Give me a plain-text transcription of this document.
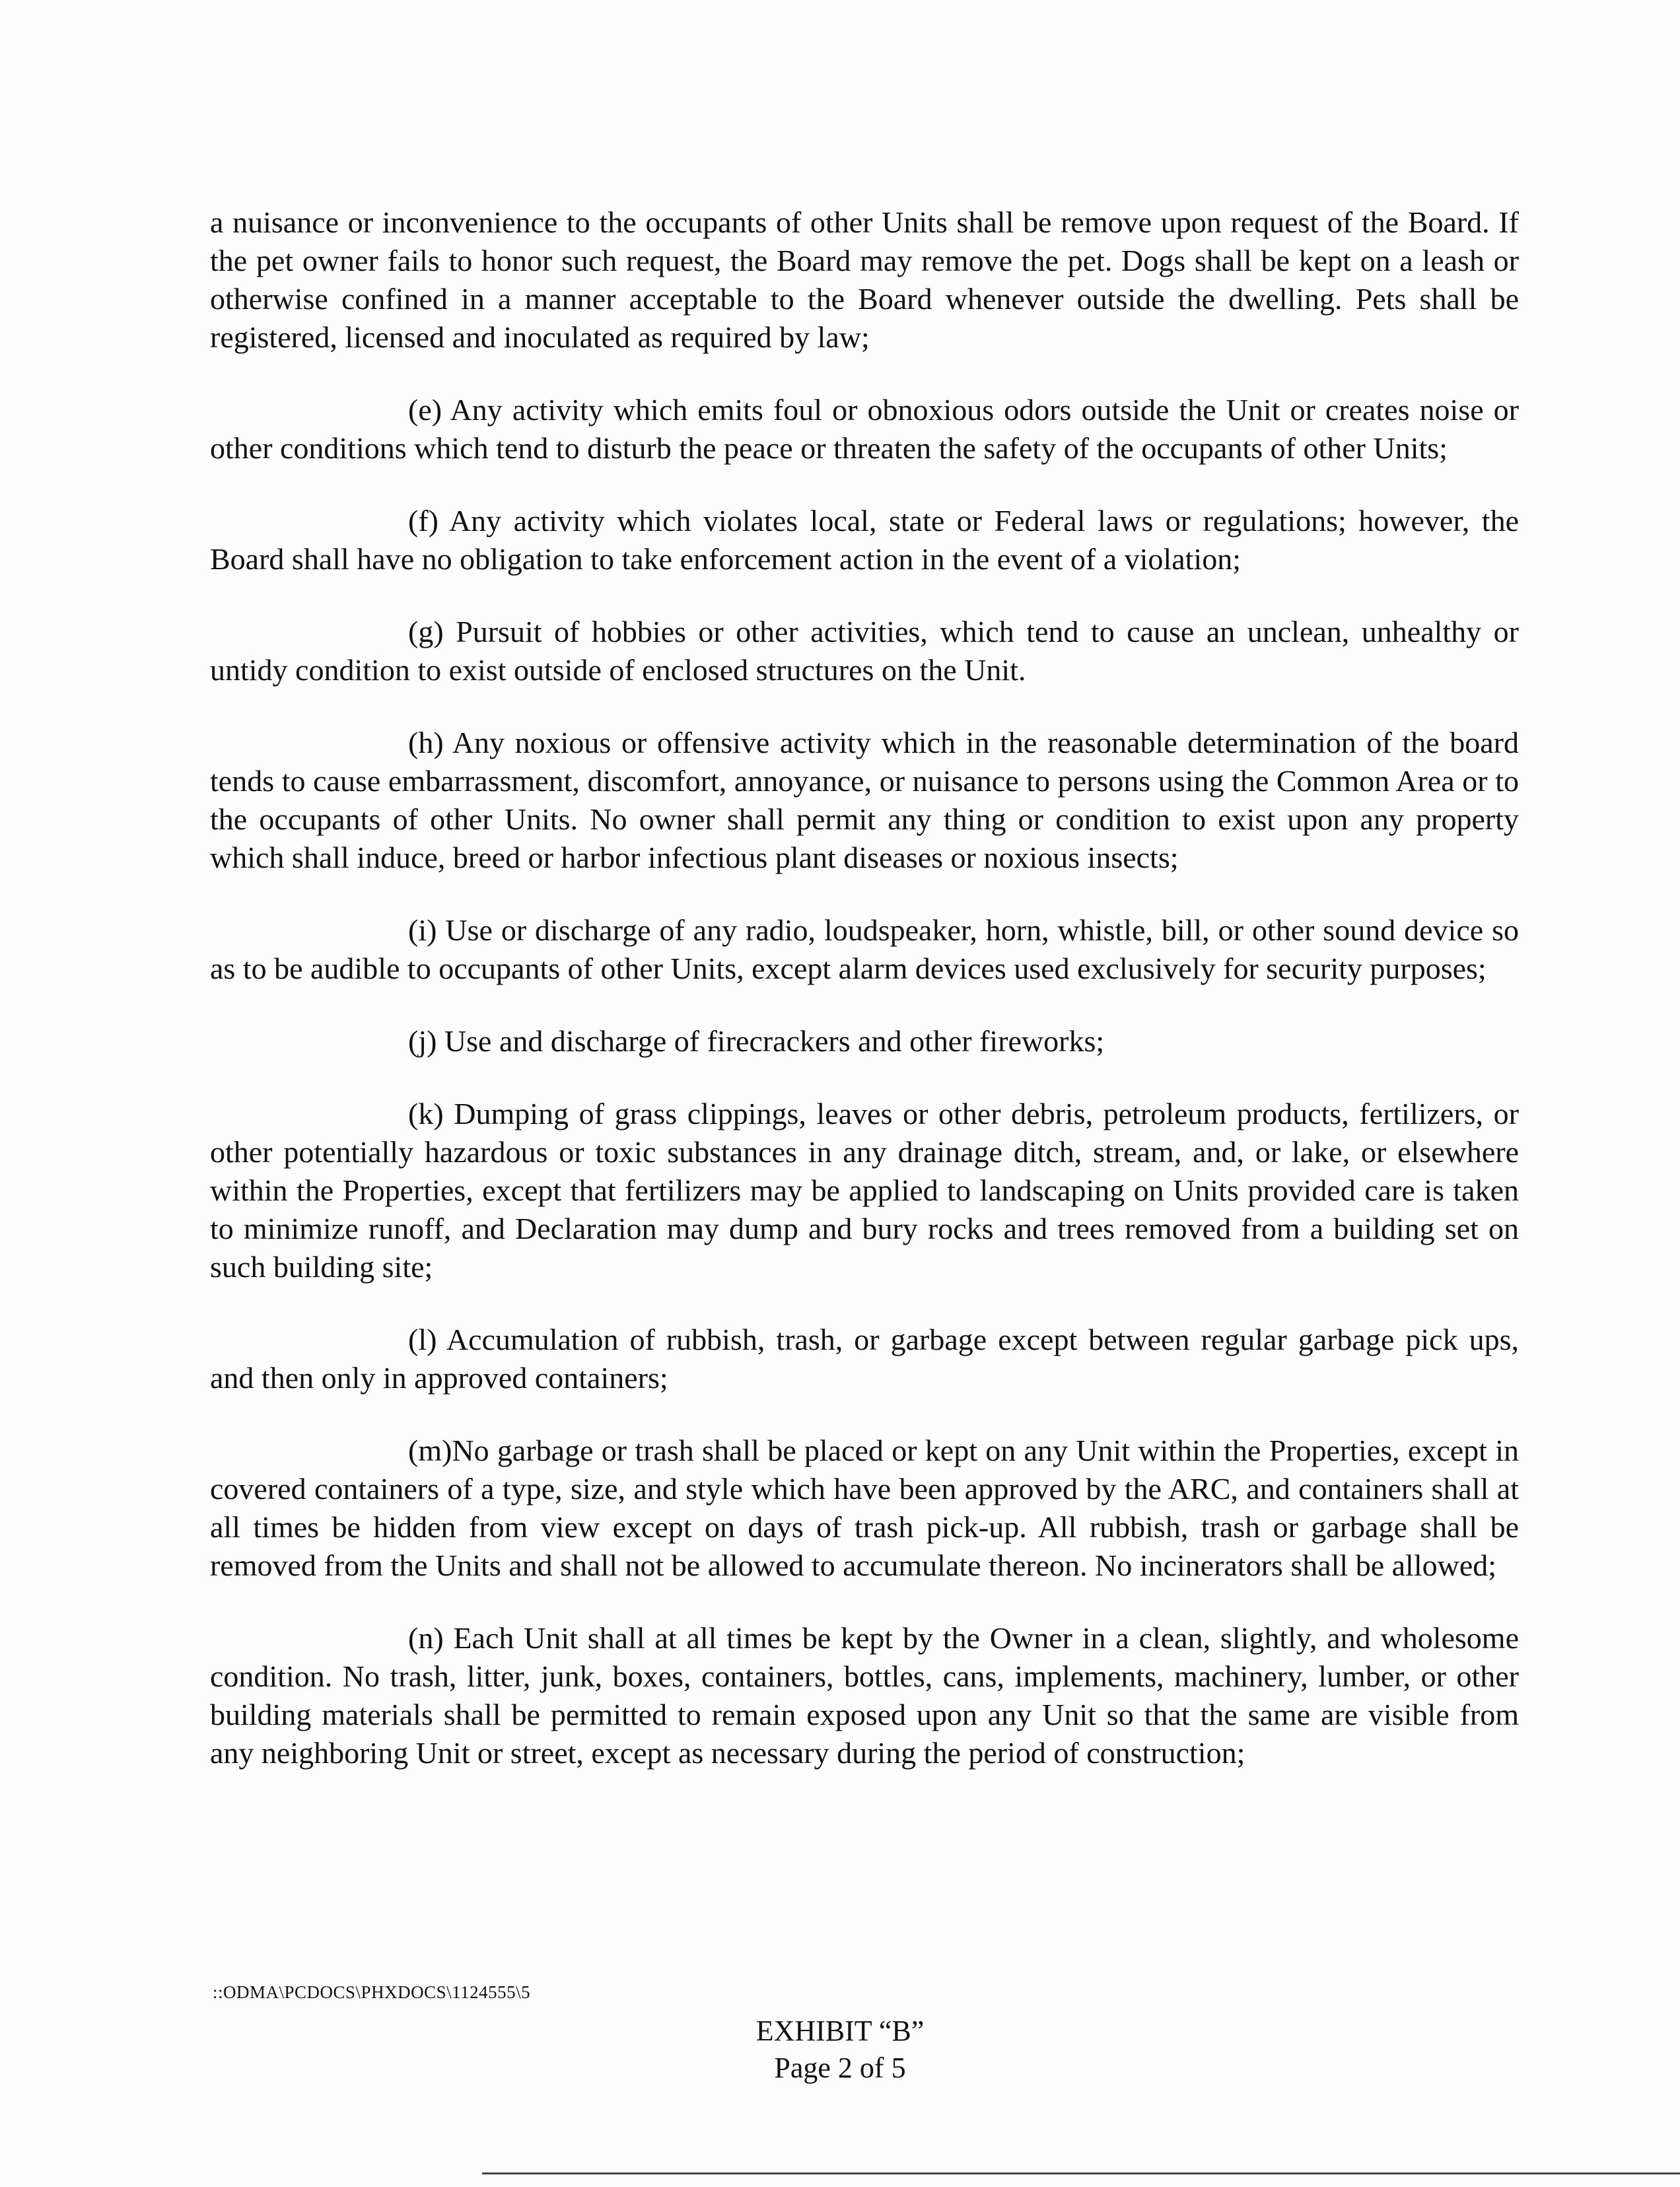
a nuisance or inconvenience to the occupants of other Units shall be remove upon request of the Board. If the pet owner fails to honor such request, the Board may remove the pet. Dogs shall be kept on a leash or otherwise confined in a manner acceptable to the Board whenever outside the dwelling. Pets shall be registered, licensed and inoculated as required by law;

(e) Any activity which emits foul or obnoxious odors outside the Unit or creates noise or other conditions which tend to disturb the peace or threaten the safety of the occupants of other Units;

(f) Any activity which violates local, state or Federal laws or regulations; however, the Board shall have no obligation to take enforcement action in the event of a violation;

(g) Pursuit of hobbies or other activities, which tend to cause an unclean, unhealthy or untidy condition to exist outside of enclosed structures on the Unit.

(h) Any noxious or offensive activity which in the reasonable determination of the board tends to cause embarrassment, discomfort, annoyance, or nuisance to persons using the Common Area or to the occupants of other Units. No owner shall permit any thing or condition to exist upon any property which shall induce, breed or harbor infectious plant diseases or noxious insects;

(i) Use or discharge of any radio, loudspeaker, horn, whistle, bill, or other sound device so as to be audible to occupants of other Units, except alarm devices used exclusively for security purposes;

(j) Use and discharge of firecrackers and other fireworks;

(k) Dumping of grass clippings, leaves or other debris, petroleum products, fertilizers, or other potentially hazardous or toxic substances in any drainage ditch, stream, and, or lake, or elsewhere within the Properties, except that fertilizers may be applied to landscaping on Units provided care is taken to minimize runoff, and Declaration may dump and bury rocks and trees removed from a building set on such building site;

(l) Accumulation of rubbish, trash, or garbage except between regular garbage pick ups, and then only in approved containers;

(m)No garbage or trash shall be placed or kept on any Unit within the Properties, except in covered containers of a type, size, and style which have been approved by the ARC, and containers shall at all times be hidden from view except on days of trash pick-up. All rubbish, trash or garbage shall be removed from the Units and shall not be allowed to accumulate thereon. No incinerators shall be allowed;

(n) Each Unit shall at all times be kept by the Owner in a clean, slightly, and wholesome condition. No trash, litter, junk, boxes, containers, bottles, cans, implements, machinery, lumber, or other building materials shall be permitted to remain exposed upon any Unit so that the same are visible from any neighboring Unit or street, except as necessary during the period of construction;

::ODMA\PCDOCS\PHXDOCS\1124555\5
EXHIBIT “B”
Page 2 of 5
